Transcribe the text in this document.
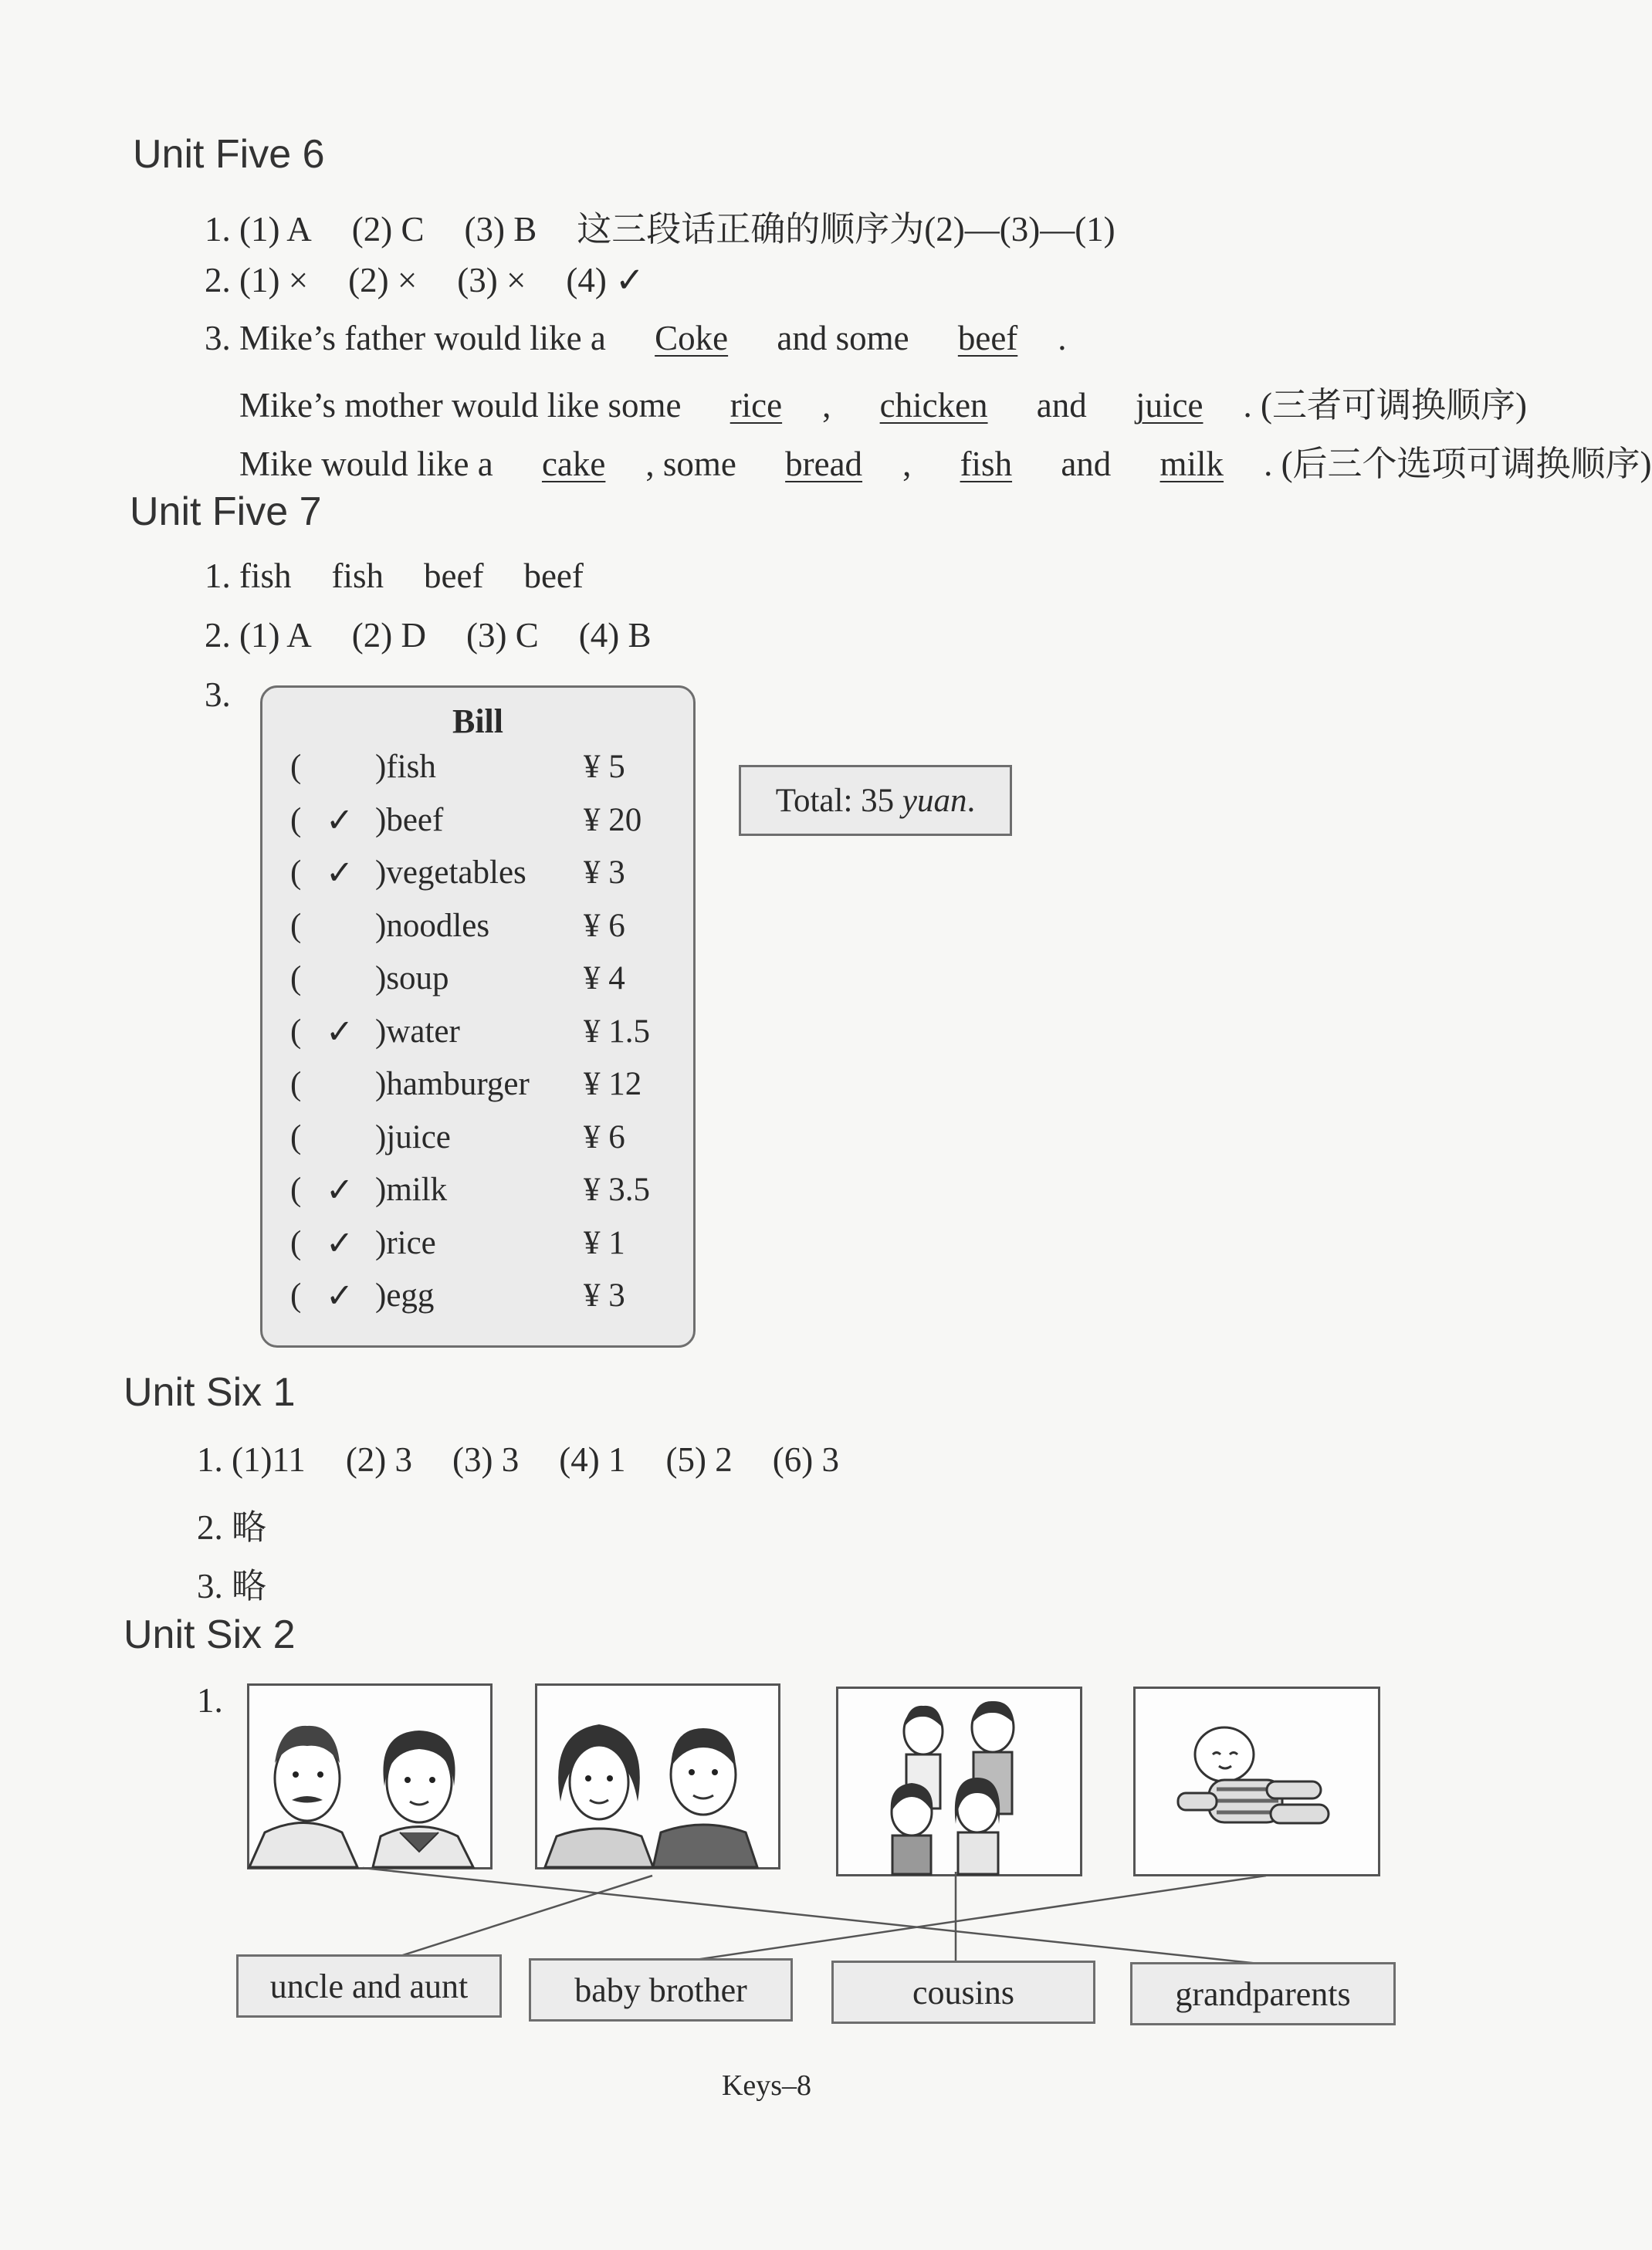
Unit Five 6
1. (1) A (2) C (3) B 这三段话正确的顺序为(2)—(3)—(1)
2. (1) × (2) × (3) × (4) ✓
3. Mike’s father would like a Coke and some beef .
Mike’s mother would like some rice , chicken and juice . (三者可调换顺序)
Mike would like a cake , some bread , fish and milk . (后三个选项可调换顺序)
Unit Five 7
1. fish fish beef beef
2. (1) A (2) D (3) C (4) B
3.
Bill
( )fish	¥ 5
( ✓ )beef	¥ 20
( ✓ )vegetables ¥ 3
( )noodles	¥ 6
( )soup	¥ 4
( ✓ )water	¥ 1.5
( )hamburger ¥ 12
( )juice	¥ 6
( ✓ )milk	¥ 3.5
( ✓ )rice	¥ 1
( ✓ )egg	¥ 3
Total: 35 yuan .
Unit Six 1
1. (1)11 (2) 3 (3) 3 (4) 1 (5) 2 (6) 3
2. 略
3. 略
Unit Six 2
1.
uncle and aunt	baby brother	cousins	grandparents
Keys–8
